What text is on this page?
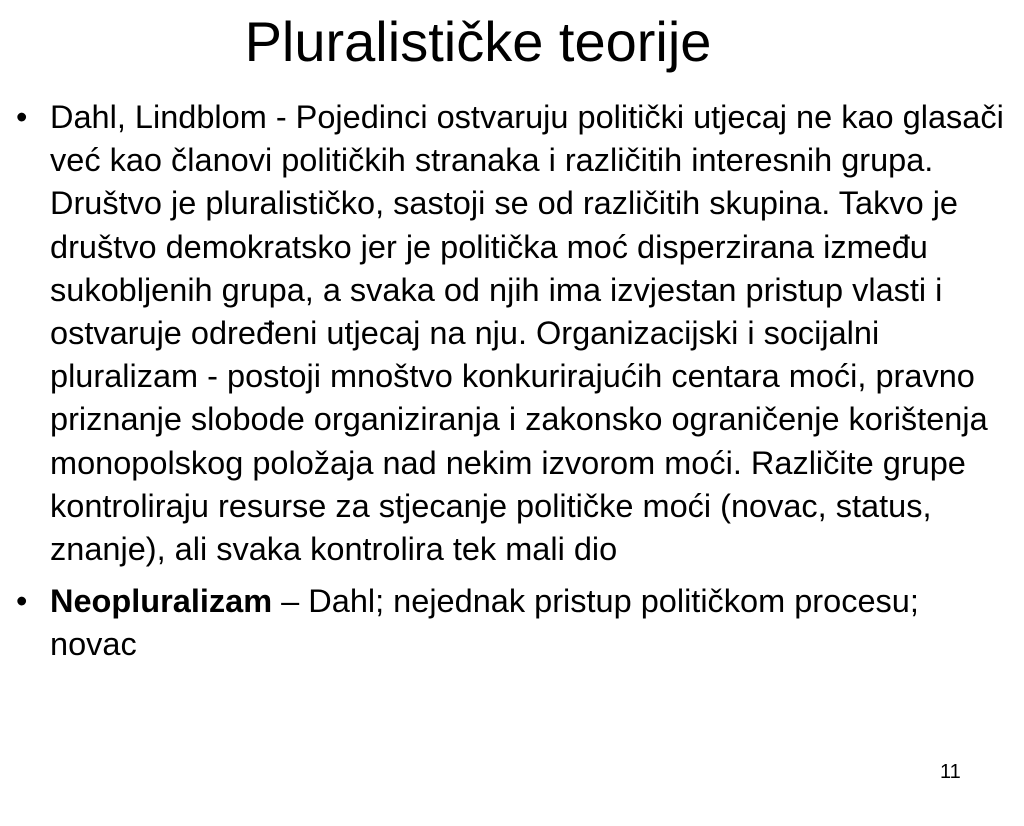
Pluralističke teorije
• Dahl, Lindblom - Pojedinci ostvaruju politički utjecaj ne kao glasači već kao članovi političkih stranaka i različitih interesnih grupa. Društvo je pluralističko, sastoji se od različitih skupina. Takvo je društvo demokratsko jer je politička moć disperzirana između sukobljenih grupa, a svaka od njih ima izvjestan pristup vlasti i ostvaruje određeni utjecaj na nju. Organizacijski i socijalni pluralizam - postoji mnoštvo konkurirajućih centara moći, pravno priznanje slobode organiziranja i zakonsko ograničenje korištenja monopolskog položaja nad nekim izvorom moći. Različite grupe kontroliraju resurse za stjecanje političke moći (novac, status, znanje), ali svaka kontrolira tek mali dio
• Neopluralizam – Dahl; nejednak pristup političkom procesu; novac
11
